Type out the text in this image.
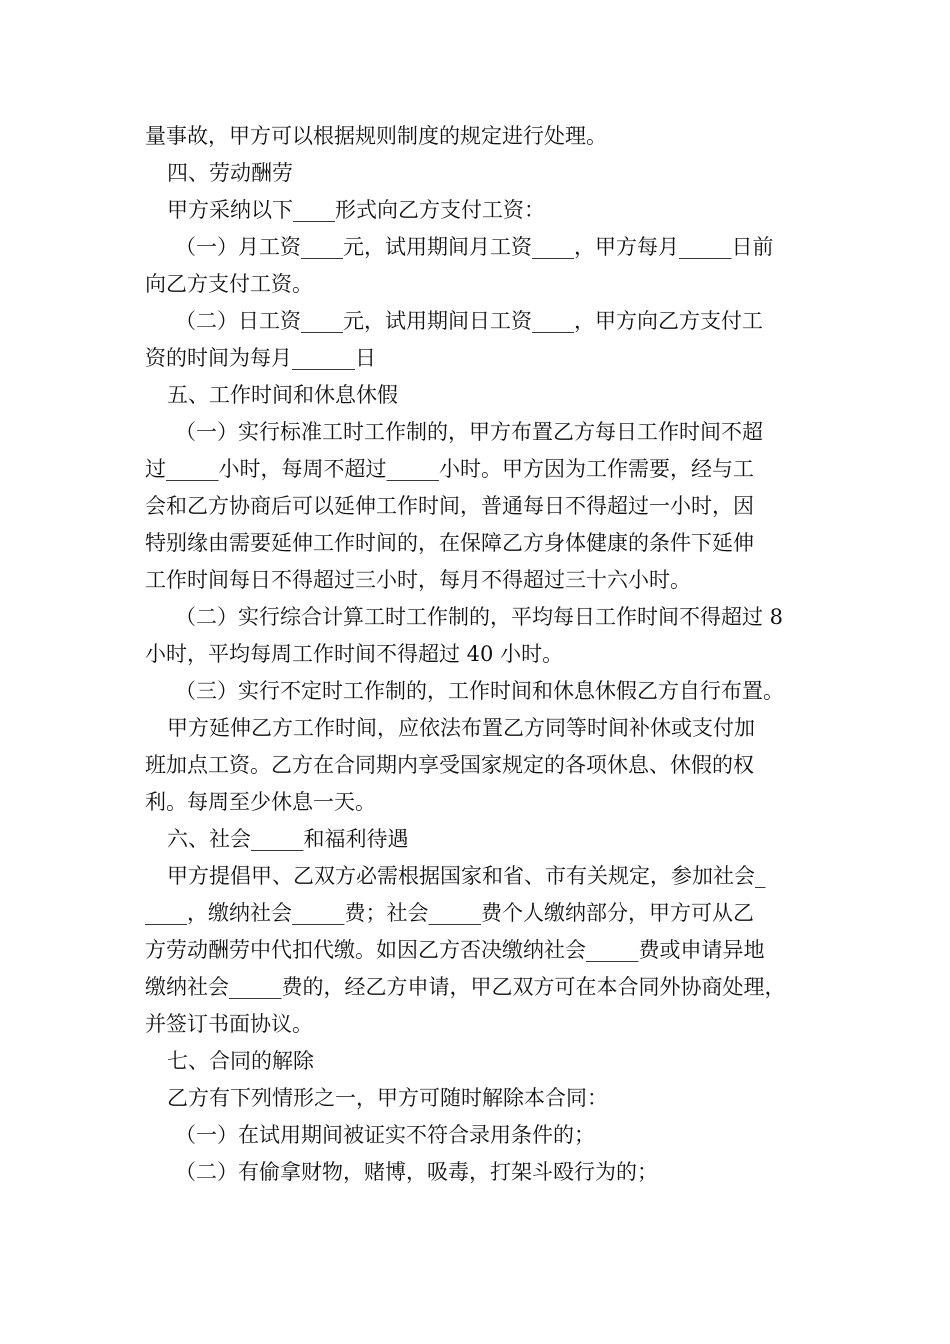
量事故，甲方可以根据规则制度的规定进行处理。
四、劳动酬劳
甲方采纳以下____形式向乙方支付工资：
（一）月工资____元，试用期间月工资____，甲方每月_____日前
向乙方支付工资。
（二）日工资____元，试用期间日工资____，甲方向乙方支付工
资的时间为每月______日
五、工作时间和休息休假
（一）实行标准工时工作制的，甲方布置乙方每日工作时间不超
过_____小时，每周不超过_____小时。甲方因为工作需要，经与工
会和乙方协商后可以延伸工作时间，普通每日不得超过一小时，因
特别缘由需要延伸工作时间的，在保障乙方身体健康的条件下延伸
工作时间每日不得超过三小时，每月不得超过三十六小时。
（二）实行综合计算工时工作制的，平均每日工作时间不得超过 8
小时，平均每周工作时间不得超过 40 小时。
（三）实行不定时工作制的，工作时间和休息休假乙方自行布置。
甲方延伸乙方工作时间，应依法布置乙方同等时间补休或支付加
班加点工资。乙方在合同期内享受国家规定的各项休息、休假的权
利。每周至少休息一天。
六、社会_____和福利待遇
甲方提倡甲、乙双方必需根据国家和省、市有关规定，参加社会_
____，缴纳社会_____费；社会_____费个人缴纳部分，甲方可从乙
方劳动酬劳中代扣代缴。如因乙方否决缴纳社会_____费或申请异地
缴纳社会_____费的，经乙方申请，甲乙双方可在本合同外协商处理，
并签订书面协议。
七、合同的解除
乙方有下列情形之一，甲方可随时解除本合同：
（一）在试用期间被证实不符合录用条件的；
（二）有偷拿财物，赌博，吸毒，打架斗殴行为的；
